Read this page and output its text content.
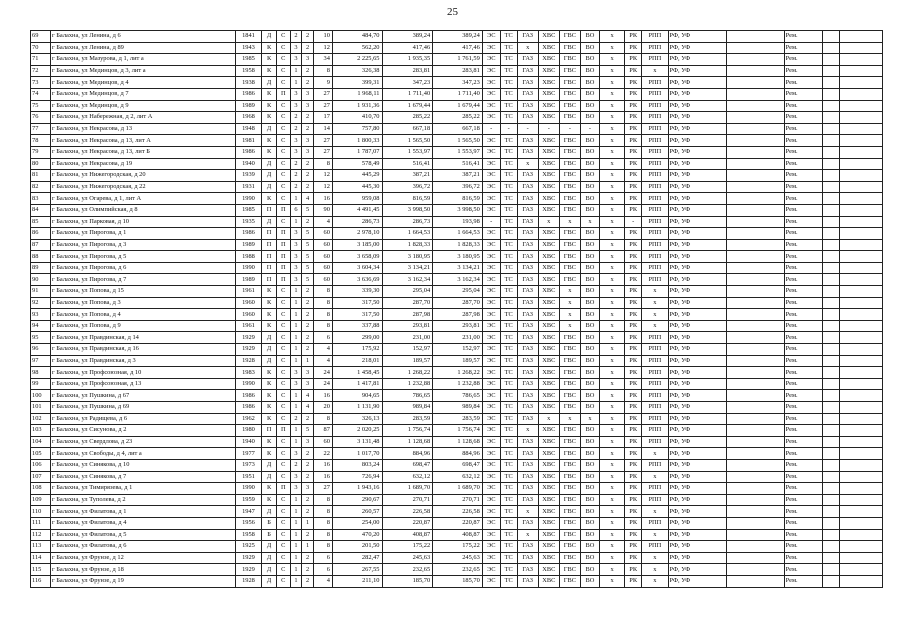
25
69	г Балахна, ул Ленина, д 6	1841	Д	С	2	2	10	484,70	389,24	389,24	ЭС	ТС	ГАЗ	ХВС	ГВС	ВО	х	РК	РПП	РФ, УФ		Рем.		
70	г Балахна, ул Ленина, д 89	1943	К	С	3	2	12	562,20	417,46	417,46	ЭС	ТС	х	ХВС	ГВС	ВО	х	РК	РПП	РФ, УФ		Рем.		
71	г Балахна, ул Мазурова, д 1, лит а	1985	К	С	3	3	34	2 225,65	1 935,35	1 761,59	ЭС	ТС	ГАЗ	ХВС	ГВС	ВО	х	РК	РПП	РФ, УФ		Рем.		
72	г Балахна, ул Мединцов, д 3, лит а	1958	К	С	1	2	8	326,38	283,81	283,81	ЭС	ТС	ГАЗ	ХВС	ГВС	ВО	х	РК	х	РФ, УФ		Рем.		
73	г Балахна, ул Мединцов, д 4	1938	Д	С	1	2	9	399,31	347,23	347,23	ЭС	ТС	ГАЗ	ХВС	ГВС	ВО	х	РК	РПП	РФ, УФ		Рем.		
74	г Балахна, ул Мединцов, д 7	1986	К	П	3	3	27	1 968,11	1 711,40	1 711,40	ЭС	ТС	ГАЗ	ХВС	ГВС	ВО	х	РК	РПП	РФ, УФ		Рем.		
75	г Балахна, ул Мединцов, д 9	1989	К	С	3	3	27	1 931,36	1 679,44	1 679,44	ЭС	ТС	ГАЗ	ХВС	ГВС	ВО	х	РК	РПП	РФ, УФ		Рем.		
76	г Балахна, ул Набережная, д 2, лит А	1968	К	С	2	2	17	410,70	285,22	285,22	ЭС	ТС	ГАЗ	ХВС	ГВС	ВО	х	РК	РПП	РФ, УФ		Рем.		
77	г Балахна, ул Некрасова, д 13	1948	Д	С	2	2	14	757,80	667,18	667,18	-	-	-	-	-	-	х	РК	РПП	РФ, УФ		Рем.		
78	г Балахна, ул Некрасова, д 13, лит А	1981	К	С	3	3	27	1 800,33	1 565,50	1 565,50	ЭС	ТС	ГАЗ	ХВС	ГВС	ВО	х	РК	РПП	РФ, УФ		Рем.		
79	г Балахна, ул Некрасова, д 13, лит Б	1986	К	С	3	3	27	1 787,07	1 553,97	1 553,97	ЭС	ТС	ГАЗ	ХВС	ГВС	ВО	х	РК	РПП	РФ, УФ		Рем.		
80	г Балахна, ул Некрасова, д 19	1940	Д	С	2	2	8	578,49	516,41	516,41	ЭС	ТС	х	ХВС	ГВС	ВО	х	РК	РПП	РФ, УФ		Рем.		
81	г Балахна, ул Нижегородская, д 20	1939	Д	С	2	2	12	445,29	387,21	387,21	ЭС	ТС	ГАЗ	ХВС	ГВС	ВО	х	РК	РПП	РФ, УФ		Рем.		
82	г Балахна, ул Нижегородская, д 22	1931	Д	С	2	2	12	445,30	396,72	396,72	ЭС	ТС	ГАЗ	ХВС	ГВС	ВО	х	РК	РПП	РФ, УФ		Рем.		
83	г Балахна, ул Огарева, д 1, лит А	1990	К	С	1	4	16	959,08	816,59	816,59	ЭС	ТС	ГАЗ	ХВС	ГВС	ВО	х	РК	РПП	РФ, УФ		Рем.		
84	г Балахна, ул Олимпийская, д 8	1985	П	П	6	5	90	4 491,45	3 998,50	3 998,50	ЭС	ТС	ГАЗ	ХВС	ГВС	ВО	х	РК	РПП	РФ, УФ		Рем.		
85	г Балахна, ул Парковая, д 10	1935	Д	С	1	2	4	286,73	286,73	193,98	-	ТС	ГАЗ	х	х	х	х	-	РПП	РФ, УФ		Рем.		
86	г Балахна, ул Пирогова, д 1	1986	П	П	3	5	60	2 978,10	1 664,53	1 664,53	ЭС	ТС	ГАЗ	ХВС	ГВС	ВО	х	РК	РПП	РФ, УФ		Рем.		
87	г Балахна, ул Пирогова, д 3	1989	П	П	3	5	60	3 185,00	1 828,33	1 828,33	ЭС	ТС	ГАЗ	ХВС	ГВС	ВО	х	РК	РПП	РФ, УФ		Рем.		
88	г Балахна, ул Пирогова, д 5	1988	П	П	3	5	60	3 658,09	3 180,95	3 180,95	ЭС	ТС	ГАЗ	ХВС	ГВС	ВО	х	РК	РПП	РФ, УФ		Рем.		
89	г Балахна, ул Пирогова, д 6	1990	П	П	3	5	60	3 604,34	3 134,21	3 134,21	ЭС	ТС	ГАЗ	ХВС	ГВС	ВО	х	РК	РПП	РФ, УФ		Рем.		
90	г Балахна, ул Пирогова, д 7	1989	П	П	3	5	60	3 636,69	3 162,34	3 162,34	ЭС	ТС	ГАЗ	ХВС	ГВС	ВО	х	РК	РПП	РФ, УФ		Рем.		
91	г Балахна, ул Попова, д 15	1961	К	С	1	2	8	339,30	295,04	295,04	ЭС	ТС	ГАЗ	ХВС	х	ВО	х	РК	х	РФ, УФ		Рем.		
92	г Балахна, ул Попова, д 3	1960	К	С	1	2	8	317,50	287,70	287,70	ЭС	ТС	ГАЗ	ХВС	х	ВО	х	РК	х	РФ, УФ		Рем.		
93	г Балахна, ул Попова, д 4	1960	К	С	1	2	8	317,50	287,98	287,98	ЭС	ТС	ГАЗ	ХВС	х	ВО	х	РК	х	РФ, УФ		Рем.		
94	г Балахна, ул Попова, д 9	1961	К	С	1	2	8	337,88	293,81	293,81	ЭС	ТС	ГАЗ	ХВС	х	ВО	х	РК	х	РФ, УФ		Рем.		
95	г Балахна, ул Правдинская, д 14	1929	Д	С	1	2	6	299,00	231,00	231,00	ЭС	ТС	ГАЗ	ХВС	ГВС	ВО	х	РК	РПП	РФ, УФ		Рем.		
96	г Балахна, ул Правдинская, д 16	1929	Д	С	1	2	4	175,92	152,97	152,97	ЭС	ТС	ГАЗ	ХВС	ГВС	ВО	х	РК	РПП	РФ, УФ		Рем.		
97	г Балахна, ул Правдинская, д 3	1928	Д	С	1	1	4	218,01	189,57	189,57	ЭС	ТС	ГАЗ	ХВС	ГВС	ВО	х	РК	РПП	РФ, УФ		Рем.		
98	г Балахна, ул Профсоюзная, д 10	1983	К	С	3	3	24	1 458,45	1 268,22	1 268,22	ЭС	ТС	ГАЗ	ХВС	ГВС	ВО	х	РК	РПП	РФ, УФ		Рем.		
99	г Балахна, ул Профсоюзная, д 13	1990	К	С	3	3	24	1 417,81	1 232,88	1 232,88	ЭС	ТС	ГАЗ	ХВС	ГВС	ВО	х	РК	РПП	РФ, УФ		Рем.		
100	г Балахна, ул Пушкина, д 67	1986	К	С	1	4	16	904,65	786,65	786,65	ЭС	ТС	ГАЗ	ХВС	ГВС	ВО	х	РК	РПП	РФ, УФ		Рем.		
101	г Балахна, ул Пушкина, д 69	1986	К	С	1	4	20	1 131,90	989,84	989,84	ЭС	ТС	ГАЗ	ХВС	ГВС	ВО	х	РК	РПП	РФ, УФ		Рем.		
102	г Балахна, ул Радищева, д 6	1962	К	С	2	2	8	326,13	283,59	283,59	ЭС	ТС	ГАЗ	х	х	х	х	РК	РПП	РФ, УФ		Рем.		
103	г Балахна, ул Сисунова, д 2	1980	П	П	1	5	87	2 020,25	1 756,74	1 756,74	ЭС	ТС	х	ХВС	ГВС	ВО	х	РК	РПП	РФ, УФ		Рем.		
104	г Балахна, ул Свердлова, д 23	1940	К	С	1	3	60	3 131,48	1 128,68	1 128,68	ЭС	ТС	ГАЗ	ХВС	ГВС	ВО	х	РК	РПП	РФ, УФ		Рем.		
105	г Балахна, ул Свободы, д 4, лит а	1977	К	С	3	2	22	1 017,70	884,96	884,96	ЭС	ТС	ГАЗ	ХВС	ГВС	ВО	х	РК	х	РФ, УФ		Рем.		
106	г Балахна, ул Синякова, д 10	1973	Д	С	2	2	16	803,24	698,47	698,47	ЭС	ТС	ГАЗ	ХВС	ГВС	ВО	х	РК	РПП	РФ, УФ		Рем.		
107	г Балахна, ул Синякова, д 7	1951	Д	С	3	2	16	726,94	632,12	632,12	ЭС	ТС	ГАЗ	ХВС	ГВС	ВО	х	РК	х	РФ, УФ		Рем.		
108	г Балахна, ул Тимирязева, д 1	1990	К	П	3	3	27	1 943,16	1 689,70	1 689,70	ЭС	ТС	ГАЗ	ХВС	ГВС	ВО	х	РК	РПП	РФ, УФ		Рем.		
109	г Балахна, ул Туполева, д 2	1959	К	С	1	2	8	290,67	270,71	270,71	ЭС	ТС	ГАЗ	ХВС	ГВС	ВО	х	РК	РПП	РФ, УФ		Рем.		
110	г Балахна, ул Филатова, д 1	1947	Д	С	1	2	8	260,57	226,58	226,58	ЭС	ТС	х	ХВС	ГВС	ВО	х	РК	х	РФ, УФ		Рем.		
111	г Балахна, ул Филатова, д 4	1956	Б	С	1	1	8	254,00	220,87	220,87	ЭС	ТС	ГАЗ	ХВС	ГВС	ВО	х	РК	РПП	РФ, УФ		Рем.		
112	г Балахна, ул Филатова, д 5	1958	Б	С	1	2	8	470,20	408,87	408,87	ЭС	ТС	х	ХВС	ГВС	ВО	х	РК	х	РФ, УФ		Рем.		
113	г Балахна, ул Филатова, д 6	1925	Д	С	1	1	8	201,50	175,22	175,22	ЭС	ТС	ГАЗ	ХВС	ГВС	ВО	х	РК	РПП	РФ, УФ		Рем.		
114	г Балахна, ул Фрунзе, д 12	1929	Д	С	1	2	6	282,47	245,63	245,63	ЭС	ТС	ГАЗ	ХВС	ГВС	ВО	х	РК	х	РФ, УФ		Рем.		
115	г Балахна, ул Фрунзе, д 18	1929	Д	С	1	2	6	267,55	232,65	232,65	ЭС	ТС	ГАЗ	ХВС	ГВС	ВО	х	РК	х	РФ, УФ		Рем.		
116	г Балахна, ул Фрунзе, д 19	1928	Д	С	1	2	4	211,10	185,70	185,70	ЭС	ТС	ГАЗ	ХВС	ГВС	ВО	х	РК	х	РФ, УФ		Рем.		
